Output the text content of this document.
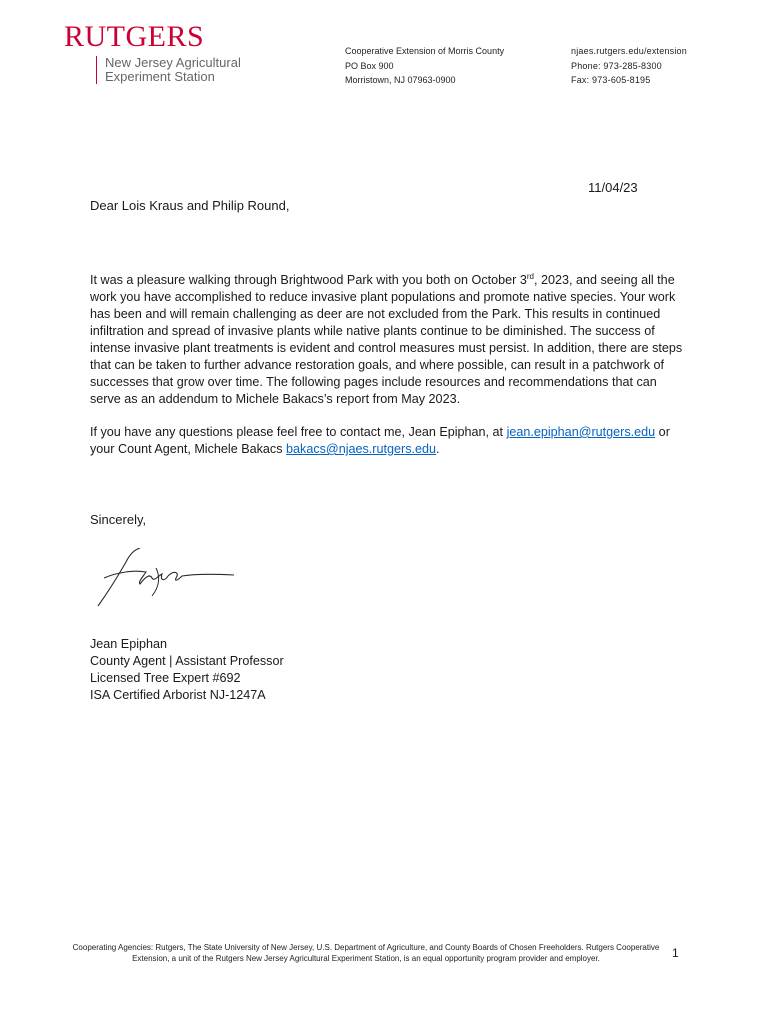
RUTGERS
New Jersey Agricultural
Experiment Station
Cooperative Extension of Morris County
PO Box 900
Morristown, NJ 07963-0900
njaes.rutgers.edu/extension
Phone: 973-285-8300
Fax: 973-605-8195
11/04/23
Dear Lois Kraus and Philip Round,
It was a pleasure walking through Brightwood Park with you both on October 3rd, 2023, and seeing all the work you have accomplished to reduce invasive plant populations and promote native species. Your work has been and will remain challenging as deer are not excluded from the Park. This results in continued infiltration and spread of invasive plants while native plants continue to be diminished. The success of intense invasive plant treatments is evident and control measures must persist. In addition, there are steps that can be taken to further advance restoration goals, and where possible, can result in a patchwork of successes that grow over time. The following pages include resources and recommendations that can serve as an addendum to Michele Bakacs’s report from May 2023.
If you have any questions please feel free to contact me, Jean Epiphan, at jean.epiphan@rutgers.edu or your Count Agent, Michele Bakacs bakacs@njaes.rutgers.edu.
Sincerely,
Jean Epiphan
County Agent | Assistant Professor
Licensed Tree Expert #692
ISA Certified Arborist NJ-1247A
Cooperating Agencies: Rutgers, The State University of New Jersey, U.S. Department of Agriculture, and County Boards of Chosen Freeholders. Rutgers Cooperative Extension, a unit of the Rutgers New Jersey Agricultural Experiment Station, is an equal opportunity program provider and employer.	1
